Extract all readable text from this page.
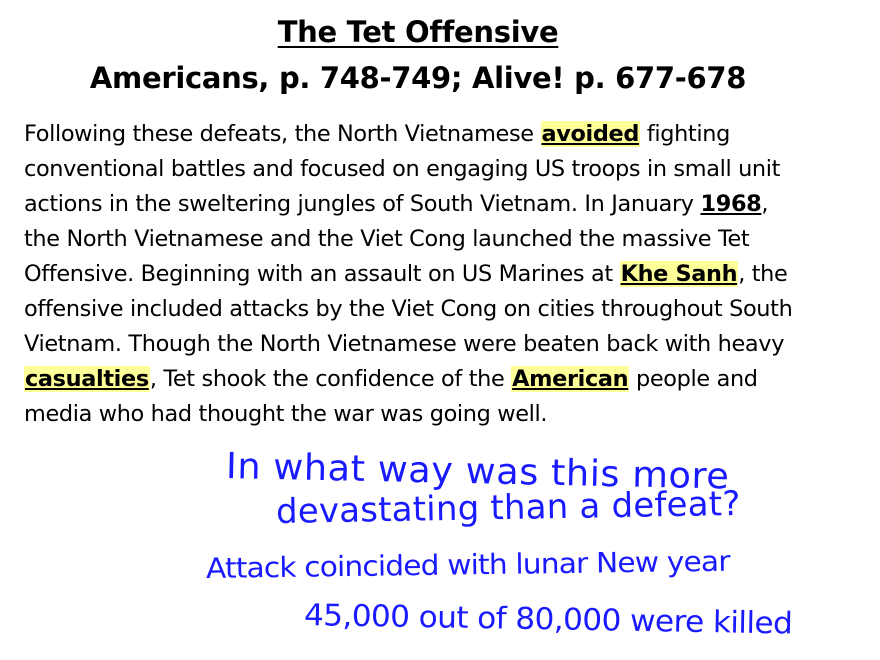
The Tet Offensive
Americans, p. 748-749; Alive! p. 677-678
Following these defeats, the North Vietnamese avoided fighting
conventional battles and focused on engaging US troops in small unit
actions in the sweltering jungles of South Vietnam. In January 1968,
the North Vietnamese and the Viet Cong launched the massive Tet
Offensive. Beginning with an assault on US Marines at Khe Sanh, the
offensive included attacks by the Viet Cong on cities throughout South
Vietnam. Though the North Vietnamese were beaten back with heavy
casualties, Tet shook the confidence of the American people and
media who had thought the war was going well.
In what way was this more
devastating than a defeat?
Attack coincided with lunar New year
45,000 out of 80,000 were killed
